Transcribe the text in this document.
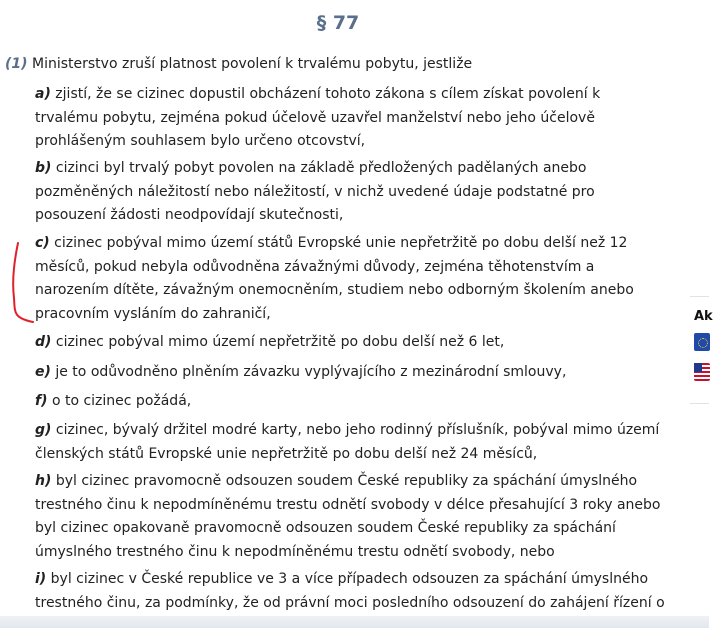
§ 77
(1) Ministerstvo zruší platnost povolení k trvalému pobytu, jestliže
a) zjistí, že se cizinec dopustil obcházení tohoto zákona s cílem získat povolení k trvalému pobytu, zejména pokud účelově uzavřel manželství nebo jeho účelově prohlášeným souhlasem bylo určeno otcovství,
b) cizinci byl trvalý pobyt povolen na základě předložených padělaných anebo pozměněných náležitostí nebo náležitostí, v nichž uvedené údaje podstatné pro posouzení žádosti neodpovídají skutečnosti,
c) cizinec pobýval mimo území států Evropské unie nepřetržitě po dobu delší než 12 měsíců, pokud nebyla odůvodněna závažnými důvody, zejména těhotenstvím a narozením dítěte, závažným onemocněním, studiem nebo odborným školením anebo pracovním vysláním do zahraničí,
d) cizinec pobýval mimo území nepřetržitě po dobu delší než 6 let,
e) je to odůvodněno plněním závazku vyplývajícího z mezinárodní smlouvy,
f) o to cizinec požádá,
g) cizinec, bývalý držitel modré karty, nebo jeho rodinný příslušník, pobýval mimo území členských států Evropské unie nepřetržitě po dobu delší než 24 měsíců,
h) byl cizinec pravomocně odsouzen soudem České republiky za spáchání úmyslného trestného činu k nepodmíněnému trestu odnětí svobody v délce přesahující 3 roky anebo byl cizinec opakovaně pravomocně odsouzen soudem České republiky za spáchání úmyslného trestného činu k nepodmíněnému trestu odnětí svobody, nebo
i) byl cizinec v České republice ve 3 a více případech odsouzen za spáchání úmyslného trestného činu, za podmínky, že od právní moci posledního odsouzení do zahájení řízení o
Ak
